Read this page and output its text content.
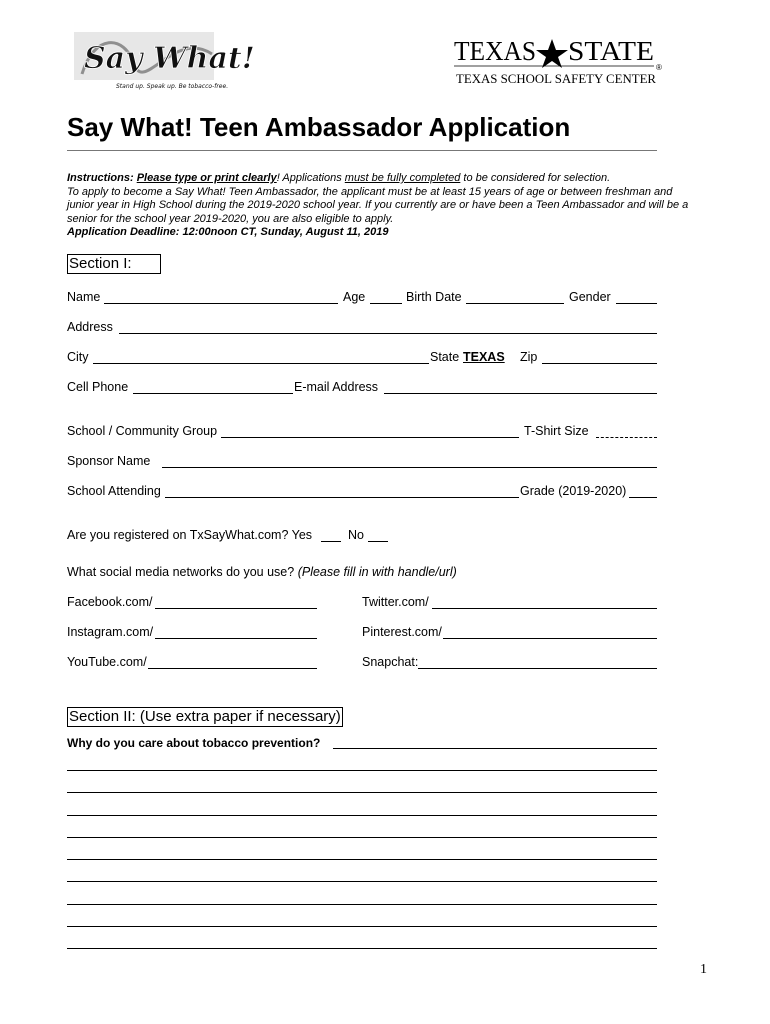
Say What!
Stand up. Speak up. Be tobacco-free.
TEXAS STATE
®
TEXAS SCHOOL SAFETY CENTER
Say What! Teen Ambassador Application
Instructions: Please type or print clearly! Applications must be fully completed to be considered for selection.
To apply to become a Say What! Teen Ambassador, the applicant must be at least 15 years of age or between freshman and junior year in High School during the 2019-2020 school year. If you currently are or have been a Teen Ambassador and will be a senior for the school year 2019-2020, you are also eligible to apply.
Application Deadline: 12:00noon CT, Sunday, August 11, 2019
Section I:
Name	Age	Birth Date	Gender
Address
City	State TEXAS Zip
Cell Phone	E-mail Address
School / Community Group	T-Shirt Size
Sponsor Name
School Attending	Grade (2019-2020)
Are you registered on TxSayWhat.com? Yes	No
What social media networks do you use? (Please fill in with handle/url)
Facebook.com/	Twitter.com/
Instagram.com/	Pinterest.com/
YouTube.com/	Snapchat:
Section II: (Use extra paper if necessary)
Why do you care about tobacco prevention?
1
